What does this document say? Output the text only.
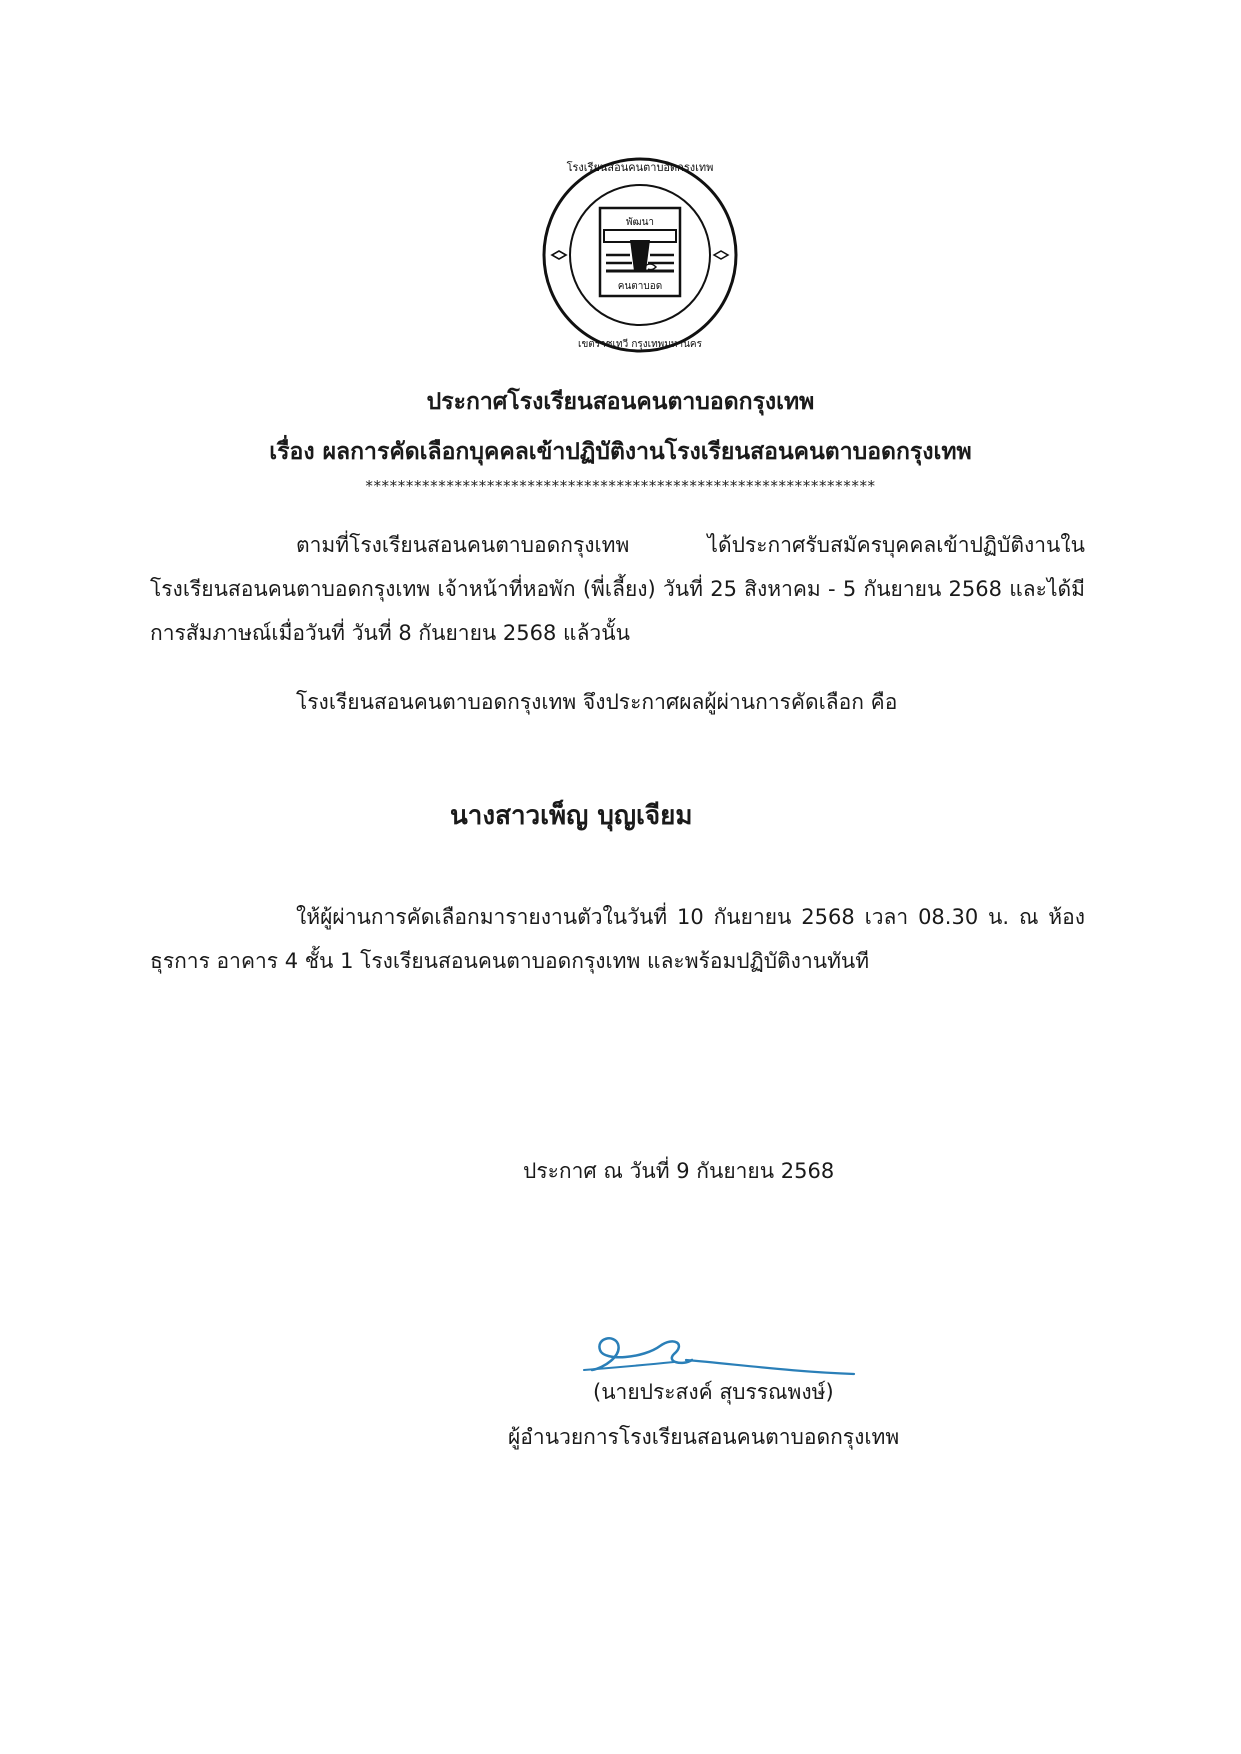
พัฒนา
คนตาบอด
โรงเรียนสอนคนตาบอดกรุงเทพ
เขตราชเทวี กรุงเทพมหานคร
ประกาศโรงเรียนสอนคนตาบอดกรุงเทพ
เรื่อง ผลการคัดเลือกบุคคลเข้าปฏิบัติงานโรงเรียนสอนคนตาบอดกรุงเทพ
***************************************************************

ตามที่โรงเรียนสอนคนตาบอดกรุงเทพ ได้ประกาศรับสมัครบุคคลเข้าปฏิบัติงานในโรงเรียนสอนคนตาบอดกรุงเทพ เจ้าหน้าที่หอพัก (พี่เลี้ยง) วันที่ 25 สิงหาคม - 5 กันยายน 2568 และได้มีการสัมภาษณ์เมื่อวันที่ วันที่ 8 กันยายน 2568 แล้วนั้น

โรงเรียนสอนคนตาบอดกรุงเทพ จึงประกาศผลผู้ผ่านการคัดเลือก คือ

นางสาวเพ็ญ บุญเจียม

ให้ผู้ผ่านการคัดเลือกมารายงานตัวในวันที่ 10 กันยายน 2568 เวลา 08.30 น. ณ ห้องธุรการ อาคาร 4 ชั้น 1 โรงเรียนสอนคนตาบอดกรุงเทพ และพร้อมปฏิบัติงานทันที

ประกาศ ณ วันที่ 9 กันยายน 2568
(นายประสงค์ สุบรรณพงษ์)
ผู้อำนวยการโรงเรียนสอนคนตาบอดกรุงเทพ
